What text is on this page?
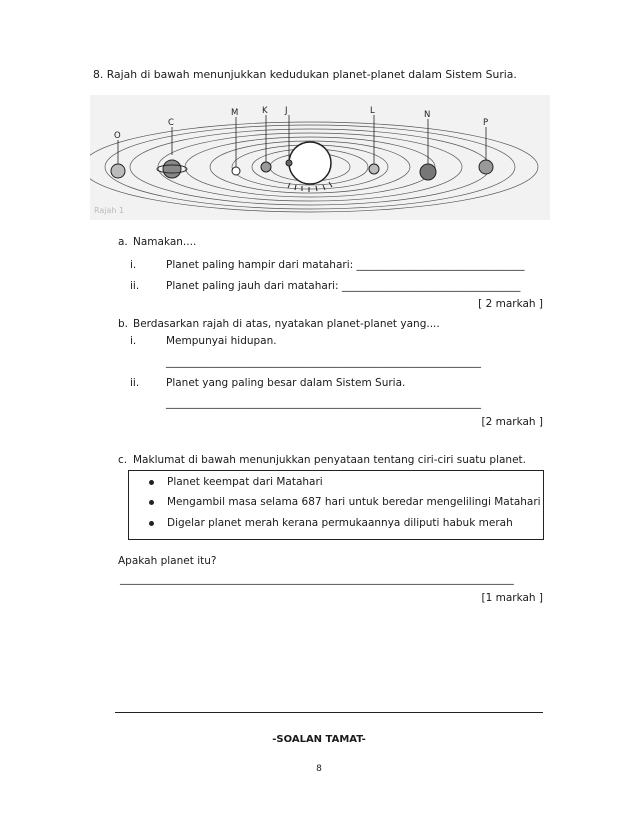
8. Rajah di bawah menunjukkan kedudukan planet-planet dalam Sistem Suria.
Rajah 1
O
C
M	K J	L	N
P
a. Namakan....
i.	Planet paling hampir dari matahari: ________________________________
ii.	Planet paling jauh dari matahari: __________________________________
[ 2 markah ]
b. Berdasarkan rajah di atas, nyatakan planet-planet yang....
i.	Mempunyai hidupan.
____________________________________________________________
ii.	Planet yang paling besar dalam Sistem Suria.
____________________________________________________________
[2 markah ]
c. Maklumat di bawah menunjukkan penyataan tentang ciri-ciri suatu planet.
Planet keempat dari Matahari
Mengambil masa selama 687 hari untuk beredar mengelilingi Matahari
Digelar planet merah kerana permukaannya diliputi habuk merah
Apakah planet itu?
___________________________________________________________________________
[1 markah ]
-SOALAN TAMAT-
8
